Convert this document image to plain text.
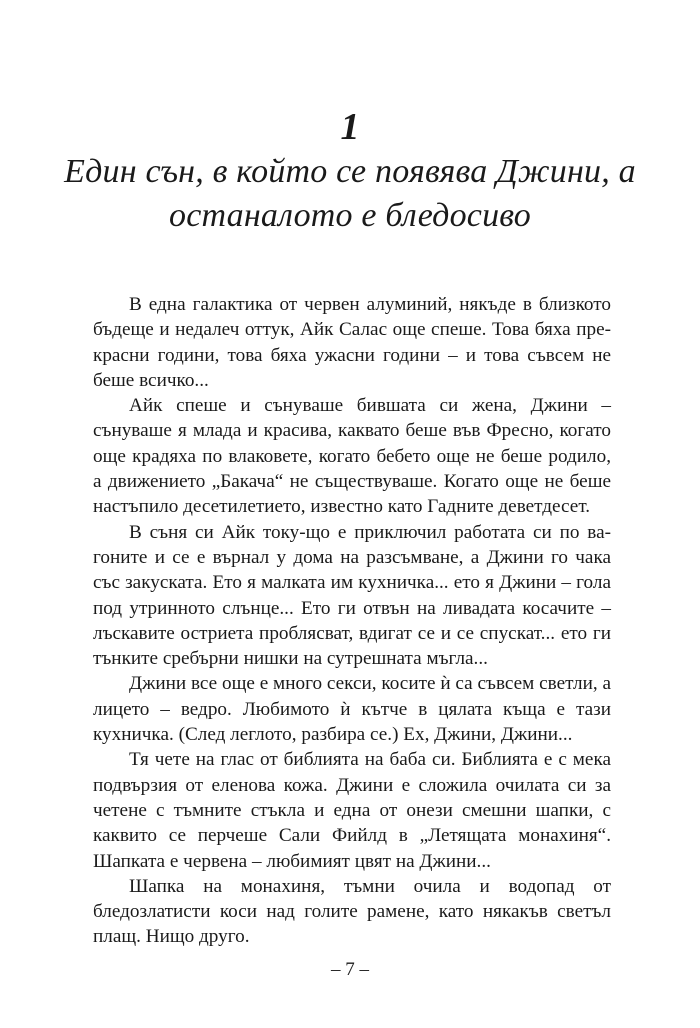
1
Един сън, в който се появява Джини, а останалото е бледосиво

В една галактика от червен алуминий, някъде в близкото бъдеще и недалеч оттук, Айк Салас още спеше. Това бяха прекрасни години, това бяха ужасни години – и това съвсем не беше всичко...

Айк спеше и сънуваше бившата си жена, Джини – сънуваше я млада и красива, каквато беше във Фресно, когато още крадяха по влаковете, когато бебето още не беше родило, а движението „Бакача“ не съществуваше. Когато още не беше настъпило десетилетието, известно като Гадните деветдесет.

В съня си Айк току-що е приключил работата си по вагоните и се е върнал у дома на разсъмване, а Джини го чака със закуската. Ето я малката им кухничка... ето я Джини – гола под утринното слънце... Ето ги отвън на ливадата косачите – лъскавите остриета проблясват, вдигат се и се спускат... ето ги тънките сребърни нишки на сутрешната мъгла...

Джини все още е много секси, косите ѝ са съвсем светли, а лицето – ведро. Любимото ѝ кътче в цялата къща е тази кухничка. (След леглото, разбира се.) Ех, Джини, Джини...

Тя чете на глас от библията на баба си. Библията е с мека подвързия от еленова кожа. Джини е сложила очилата си за четене с тъмните стъкла и една от онези смешни шапки, с каквито се перчеше Сали Фийлд в „Летящата монахиня“. Шапката е червена – любимият цвят на Джини...

Шапка на монахиня, тъмни очила и водопад от бледозлатисти коси над голите рамене, като някакъв светъл плащ. Нищо друго.

– 7 –
